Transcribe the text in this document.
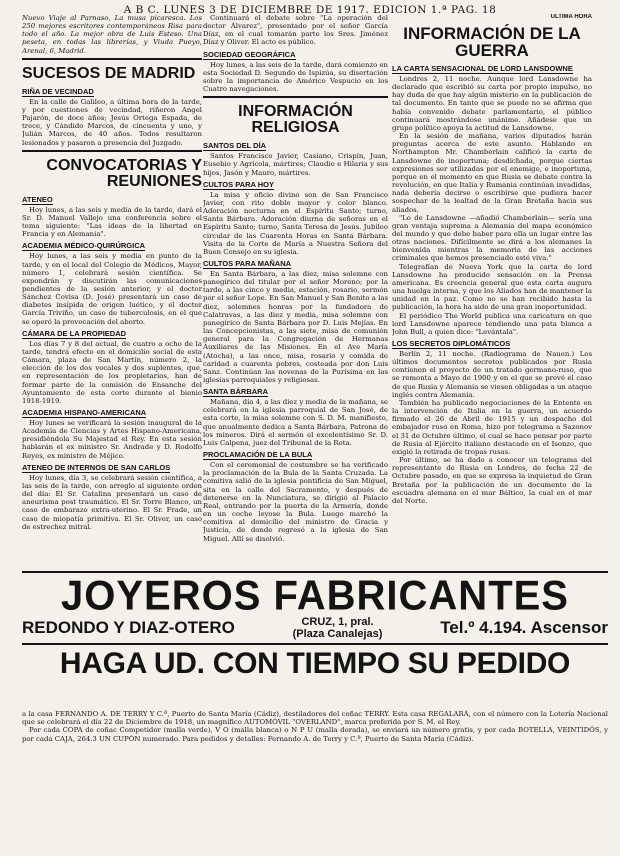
A B C. LUNES 3 DE DICIEMBRE DE 1917. EDICION 1.ª PAG. 18

Nuevo Viaje al Parnaso, La musa picaresca. Los 250 mejores escritores contemporáneos Risa para todo el año. La mejor obra de Luis Esteso. Una peseta, en todas las librerías, y Viuda Pueyo, Arenal, 6, Madrid.

SUCESOS DE MADRID
RIÑA DE VECINDAD

En la calle de Galileo, a última hora de la tarde, y por cuestiones de vecindad, riñeron Angel Pajarón, de doce años; Jesús Ortega Espada, de trece, y Cándido Marcos, de cincuenta y uno, y Julián Marcos, de 40 años. Todos resultaron lesionados y pasaron a presencia del Juzgado.

CONVOCATORIAS Y REUNIONES
ATENEO

Hoy lunes, a las seis y media de la tarde, dará el Sr. D. Manuel Vallejo una conferencia sobre el tema siguiente: "Las ideas de la libertad en Francia y en Alemania".

ACADEMIA MÉDICO-QUIRÚRGICA

Hoy lunes, a las seis y media en punto de la tarde, y en el local del Colegio de Médicos, Mayor, número 1, celebrará sesión científica. Se expondrán y discutirán las comunicaciones pendientes de la sesión anterior, y el doctor Sánchez Covisa (D. José) presentará un caso de diabetes insípida de origen luético, y el doctor García Triviño, un caso de tuberculosis, en el que se operó la provocación del aborto.

CÁMARA DE LA PROPIEDAD

Los días 7 y 8 del actual, de cuatro a ocho de la tarde, tendrá efecto en el domicilio social de esta Cámara, plaza de San Martín, número 2, la elección de los dos vocales y dos suplentes, que, en representación de los propietarios, han de formar parte de la comisión de Ensanche del Ayuntamiento de esta corte durante el bienio 1918-1919.

ACADEMIA HISPANO-AMERICANA

Hoy lunes se verificará la sesión inaugural de la Academia de Ciencias y Artes Hispano-Americana, presidiéndola Su Majestad el Rey. En esta sesión hablarán el ex ministro Sr. Andrade y D. Rodolfo Reyes, ex ministro de Méjico.

ATENEO DE INTERNOS DE SAN CARLOS

Hoy lunes, día 3, se celebrará sesión científica, a las seis de la tarde, con arreglo al siguiente orden del día: El Sr. Catalina presentará un caso de aneurisma post traumático. El Sr. Torre Blanco, un caso de embarazo extra-uterino. El Sr. Frade, un caso de miopatía primitiva. El Sr. Oliver, un caso de estrechez mitral.

Continuará el debate sobre "La operación del doctor Álvarez", presentado por el señor García Díaz, en el cual tomarán parte los Sres. Jiménez Díaz y Oliver. El acto es público.

SOCIEDAD GEOGRÁFICA

Hoy lunes, a las seis de la tarde, dará comienzo en esta Sociedad D. Segundo de Ispizúa, su disertación sobre la importancia de Américo Vespucio en los Cuatro navegaciones.

INFORMACIÓN RELIGIOSA
SANTOS DEL DÍA

Santos Francisco Javier, Casiano, Crispín, Juan, Eusebio y Agrícola, mártires; Claudio e Hilaria y sus hijos, Jasón y Mauro, mártires.

CULTOS PARA HOY

La misa y oficio divino son de San Francisco Javier, con rito doble mayor y color blanco. Adoración nocturna en el Espíritu Santo; turno, Santa Bárbara. Adoración diurna de señoras en el Espíritu Santo; turno, Santa Teresa de Jesús. Jubileo circular de las Cuarenta Horas en Santa Bárbara. Visita de la Corte de María a Nuestra Señora del Buen Consejo en su iglesia.

CULTOS PARA MAÑANA

En Santa Bárbara, a las diez, misa solemne con panegírico del titular por el señor Moreno; por la tarde, a las cinco y media, estación, rosario, sermón por el señor Lope. En San Manuel y San Benito a las diez, solemnes honras por la fundadora de Calatravas, a las diez y media, misa solemne con panegírico de Santa Bárbara por D. Luis Mejías. En las Concepcionistas, a las siete, misa de comunión general para la Congregación de Hermanas Auxiliares de las Misiones. En el Ave María (Atocha), a las once, misa, rosario y comida de caridad a cuarenta pobres, costeada por don Luis Sanz. Continúan las novenas de la Purísima en las iglesias parroquiales y religiosas.

SANTA BÁRBARA

Mañana, día 4, a las diez y media de la mañana, se celebrará en la iglesia parroquial de San José, de esta corte, la misa solemne con S. D. M. manifiesto, que anualmente dedica a Santa Bárbara, Patrona de los mineros. Dirá el sermón el excelentísimo Sr. D. Luis Calpena, juez del Tribunal de la Rota.

PROCLAMACIÓN DE LA BULA

Con el ceremonial de costumbre se ha verificado la proclamación de la Bula de la Santa Cruzada. La comitiva salió de la iglesia pontificia de San Miguel, sita en la calle del Sacramento, y después de detenerse en la Nunciatura, se dirigió al Palacio Real, entrando por la puerta de la Armería, donde en un coche leyose la Bula. Luego marchó la comitiva al domicilio del ministro de Gracia y Justicia, de donde regresó a la iglesia de San Miguel. Allí se disolvió.

ULTIMA HORA
INFORMACIÓN DE LA GUERRA
LA CARTA SENSACIONAL DE LORD LANSDOWNE

Londres 2, 11 noche. Aunque lord Lansdowne ha declarado que escribió su carta por propio impulso, no hay duda de que hay algún misterio en la publicación de tal documento. En tanto que se puede no se afirma que había convenido debate parlamentario, el público continuará mostrándose unánime. Añádese que un grupo político apoya la actitud de Lansdowne.

En la sesión de mañana, varios diputados harán preguntas acerca de este asunto. Hablando en Northampton Mr. Chamberlain calificó la carta de Lansdowne de inoportuna; desdichada, porque ciertas expresiones ser utilizadas por el enemigo, e inoportuna, porque en el momento en que Rusia se debate contra la revolución, en que Italia y Rumania continúan invadidas, nada debería decirse o escribirse que pudiera hacer sospechar de la lealtad de la Gran Bretaña hacia sus aliados.

"Lo de Lansdowne —añadió Chamberlain— sería una gran ventaja suprema a Alemania del mapa económico del mundo y que debe haber para ella un lugar entre las otras naciones. Difícilmente se dirá a los alemanes la bienvenida mientras la memoria de las acciones criminales que hemos presenciado esté viva."

Telegrafían de Nueva York que la carta de lord Lansdowne ha producido sensación en la Prensa americana. Es creencia general que esta carta augura una huelga interna, y que los Aliados han de mantener la unidad en la paz. Como no se han recibido hasta la publicación, la hora ha sido de una gran inoportunidad.

El periódico The World publica una caricatura en que lord Lansdowne aparece tendiendo una pata blanca a John Bull, a quien dice: "Levántala".

LOS SECRETOS DIPLOMÁTICOS

Berlín 2, 11 noche. (Radiograma de Nauen.) Los últimos documentos secretos publicados por Rusia contienen el proyecto de un tratado germano-ruso, que se remonta a Mayo de 1900 y en el que se prevé el caso de que Rusia y Alemania se viesen obligadas a un ataque inglés contra Alemania.

También ha publicado negociaciones de la Entente en la intervención de Italia en la guerra, un acuerdo firmado el 26 de Abril de 1915 y un despacho del embajador ruso en Roma, hizo por telegrama a Sazonov el 31 de Octubre último, el cual se hace pensar por parte de Rusia al Ejército italiano destacado en el Isonzo, que exigió la retirada de tropas rusas.

Por último, se ha dado a conocer un telegrama del representante de Rusia en Londres, de fecha 22 de Octubre pasado, en que se expresa la inquietud de Gran Bretaña por la publicación de un documento de la escuadra alemana en el mar Báltico, la cual en el mar del Norte.

JOYEROS FABRICANTES
REDONDO Y DIAZ-OTERO	CRUZ, 1, pral.
(Plaza Canalejas)	Tel.º 4.194. Ascensor
HAGA UD. CON TIEMPO SU PEDIDO

a la casa FERNANDO A. DE TERRY Y C.ª, Puerto de Santa María (Cádiz), destiladores del coñac TERRY. Esta casa REGALARÁ, con el número con la Lotería Nacional que se celebrará el día 22 de Diciembre de 1918, un magnífico AUTOMÓVIL "OVERLAND", marca preferida por S. M. el Rey.

Por cada COPA de coñac Competidor (malla verde), V O (malla blanca) o N P U (malla dorada), se enviará un número gratis, y por cada BOTELLA, VEINTIDÓS, y por cada CAJA, 264.3 UN CUPÓN numerado. Para pedidos y detalles: Fernando A. de Terry y C.ª, Puerto de Santa María (Cádiz).
